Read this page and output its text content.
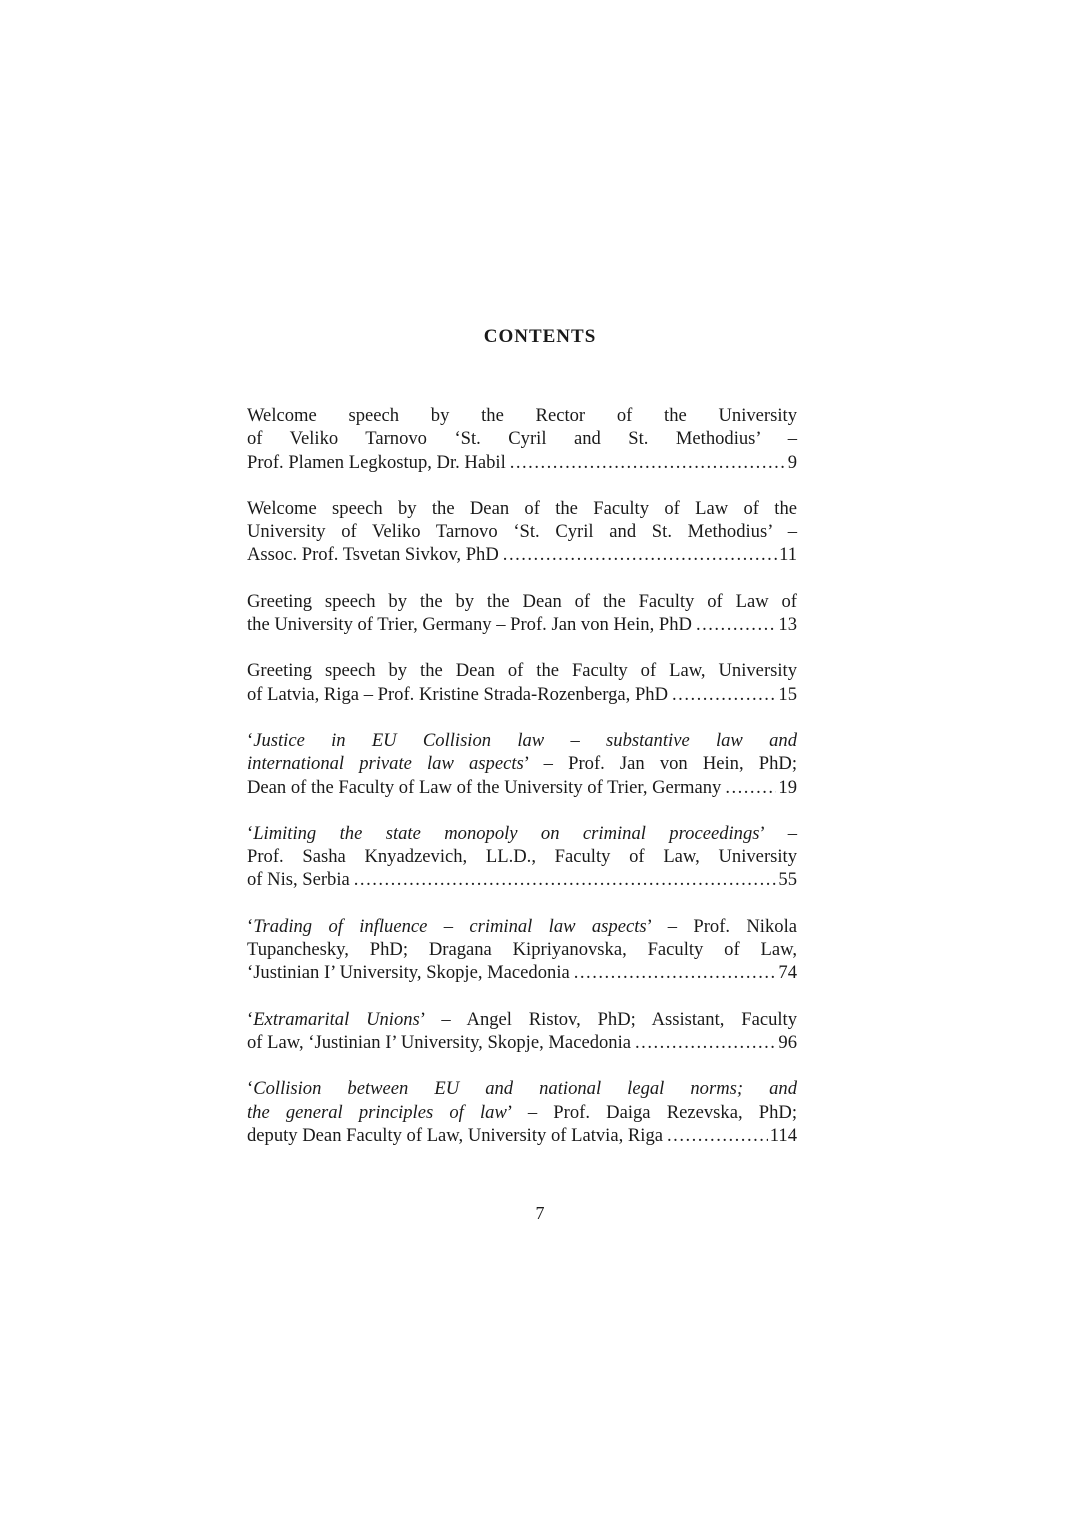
CONTENTS
Welcome speech by the Rector of the University
of Veliko Tarnovo ‘St. Cyril and St. Methodius’ –
Prof. Plamen Legkostup, Dr. Habil .....	9
Welcome speech by the Dean of the Faculty of Law of the
University of Veliko Tarnovo ‘St. Cyril and St. Methodius’ –
Assoc. Prof. Tsvetan Sivkov, PhD .....	11
Greeting speech by the by the Dean of the Faculty of Law of
the University of Trier, Germany – Prof. Jan von Hein, PhD .....	13
Greeting speech by the Dean of the Faculty of Law, University
of Latvia, Riga – Prof. Kristine Strada-Rozenberga, PhD .....	15
‘Justice in EU Collision law – substantive law and
international private law aspects’ – Prof. Jan von Hein, PhD;
Dean of the Faculty of Law of the University of Trier, Germany .....	19
‘Limiting the state monopoly on criminal proceedings’ –
Prof. Sasha Knyadzevich, LL.D., Faculty of Law, University
of Nis, Serbia .....	55
‘Trading of influence – criminal law aspects’ – Prof. Nikola
Tupanchesky, PhD; Dragana Kipriyanovska, Faculty of Law,
‘Justinian I’ University, Skopje, Macedonia .....	74
‘Extramarital Unions’ – Angel Ristov, PhD; Assistant, Faculty
of Law, ‘Justinian I’ University, Skopje, Macedonia .....	96
‘Collision between EU and national legal norms; and
the general principles of law’ – Prof. Daiga Rezevska, PhD;
deputy Dean Faculty of Law, University of Latvia, Riga .....	114
7
